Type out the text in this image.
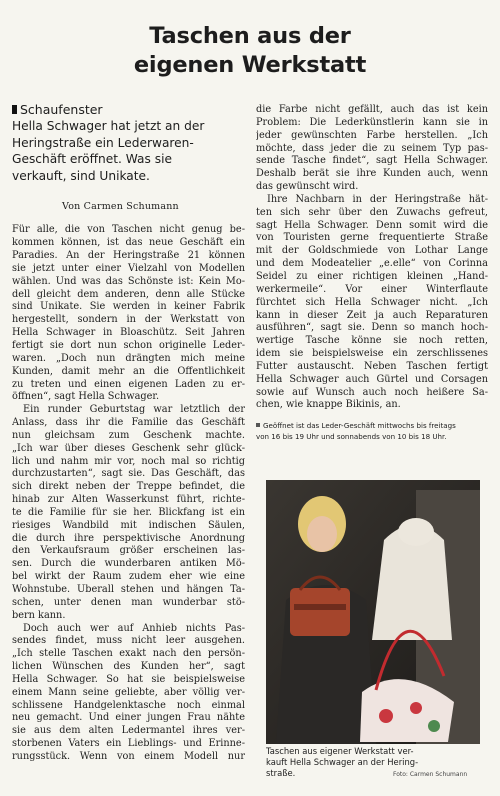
Taschen aus der
eigenen Werkstatt
Schaufenster
Hella Schwager hat jetzt an der
Heringstraße ein Lederwaren-
Geschäft eröffnet. Was sie
verkauft, sind Unikate.
Von Carmen Schumann
Für alle, die von Taschen nicht genug be-
kommen können, ist das neue Geschäft ein
Paradies. An der Heringstraße 21 können
sie jetzt unter einer Vielzahl von Modellen
wählen. Und was das Schönste ist: Kein Mo-
dell gleicht dem anderen, denn alle Stücke
sind Unikate. Sie werden in keiner Fabrik
hergestellt, sondern in der Werkstatt von
Hella Schwager in Bloaschütz. Seit Jahren
fertigt sie dort nun schon originelle Leder-
waren. „Doch nun drängten mich meine
Kunden, damit mehr an die Öffentlichkeit
zu treten und einen eigenen Laden zu er-
öffnen“, sagt Hella Schwager.
Ein runder Geburtstag war letztlich der
Anlass, dass ihr die Familie das Geschäft
nun gleichsam zum Geschenk machte.
„Ich war über dieses Geschenk sehr glück-
lich und nahm mir vor, noch mal so richtig
durchzustarten“, sagt sie. Das Geschäft, das
sich direkt neben der Treppe befindet, die
hinab zur Alten Wasserkunst führt, richte-
te die Familie für sie her. Blickfang ist ein
riesiges Wandbild mit indischen Säulen,
die durch ihre perspektivische Anordnung
den Verkaufsraum größer erscheinen las-
sen. Durch die wunderbaren antiken Mö-
bel wirkt der Raum zudem eher wie eine
Wohnstube. Überall stehen und hängen Ta-
schen, unter denen man wunderbar stö-
bern kann.
Doch auch wer auf Anhieb nichts Pas-
sendes findet, muss nicht leer ausgehen.
„Ich stelle Taschen exakt nach den persön-
lichen Wünschen des Kunden her“, sagt
Hella Schwager. So hat sie beispielsweise
einem Mann seine geliebte, aber völlig ver-
schlissene Handgelenktasche noch einmal
neu gemacht. Und einer jungen Frau nähte
sie aus dem alten Ledermantel ihres ver-
storbenen Vaters ein Lieblings- und Erinne-
rungsstück. Wenn von einem Modell nur
die Farbe nicht gefällt, auch das ist kein
Problem: Die Lederkünstlerin kann sie in
jeder gewünschten Farbe herstellen. „Ich
möchte, dass jeder die zu seinem Typ pas-
sende Tasche findet“, sagt Hella Schwager.
Deshalb berät sie ihre Kunden auch, wenn
das gewünscht wird.
Ihre Nachbarn in der Heringstraße hät-
ten sich sehr über den Zuwachs gefreut,
sagt Hella Schwager. Denn somit wird die
von Touristen gerne frequentierte Straße
mit der Goldschmiede von Lothar Lange
und dem Modeatelier „e.elle“ von Corinna
Seidel zu einer richtigen kleinen „Hand-
werkermeile“. Vor einer Winterflaute
fürchtet sich Hella Schwager nicht. „Ich
kann in dieser Zeit ja auch Reparaturen
ausführen“, sagt sie. Denn so manch hoch-
wertige Tasche könne sie noch retten,
idem sie beispielsweise ein zerschlissenes
Futter austauscht. Neben Taschen fertigt
Hella Schwager auch Gürtel und Corsagen
sowie auf Wunsch auch noch heißere Sa-
chen, wie knappe Bikinis, an.
Geöffnet ist das Leder-Geschäft mittwochs bis freitags
von 16 bis 19 Uhr und sonnabends von 10 bis 18 Uhr.
Taschen aus eigener Werkstatt ver-
kauft Hella Schwager an der Hering-
straße.	Foto: Carmen Schumann
